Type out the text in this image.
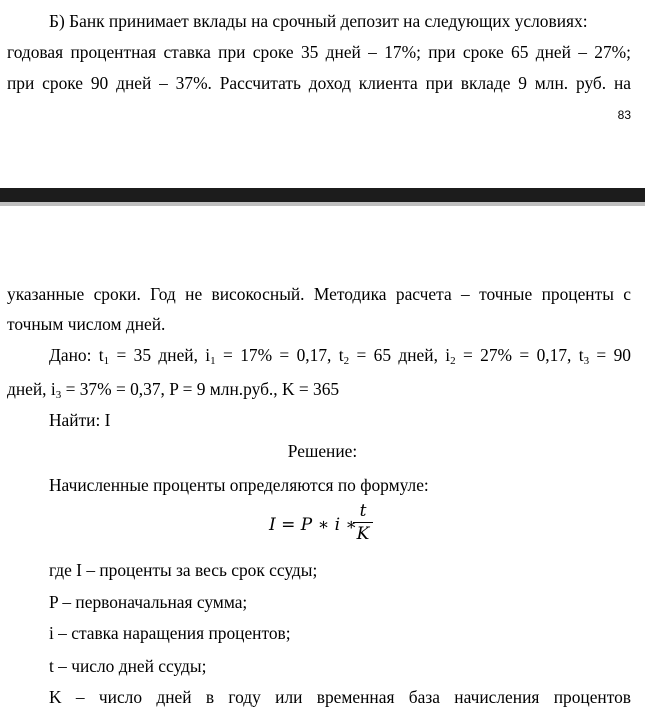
Б) Банк принимает вклады на срочный депозит на следующих условиях:
годовая процентная ставка при сроке 35 дней – 17%; при сроке 65 дней – 27%;
при сроке 90 дней – 37%. Рассчитать доход клиента при вкладе 9 млн. руб. на
83
указанные сроки. Год не високосный. Методика расчета – точные проценты с
точным числом дней.
Дано: $t_1 = 35$ дней, $i_1 = 17\% = 0,17$, $t_2 = 65$ дней, $i_2 = 27\% = 0,17$, $t_3 = 90$
дней, $i_3 = 37\% = 0,37$, P = 9 млн.руб., K = 365
Найти: I
Решение:
Начисленные проценты определяются по формуле:
I = P ∗ i ∗
t
K
где I – проценты за весь срок ссуды;
P – первоначальная сумма;
i – ставка наращения процентов;
t – число дней ссуды;
K – число дней в году или временная база начисления процентов
